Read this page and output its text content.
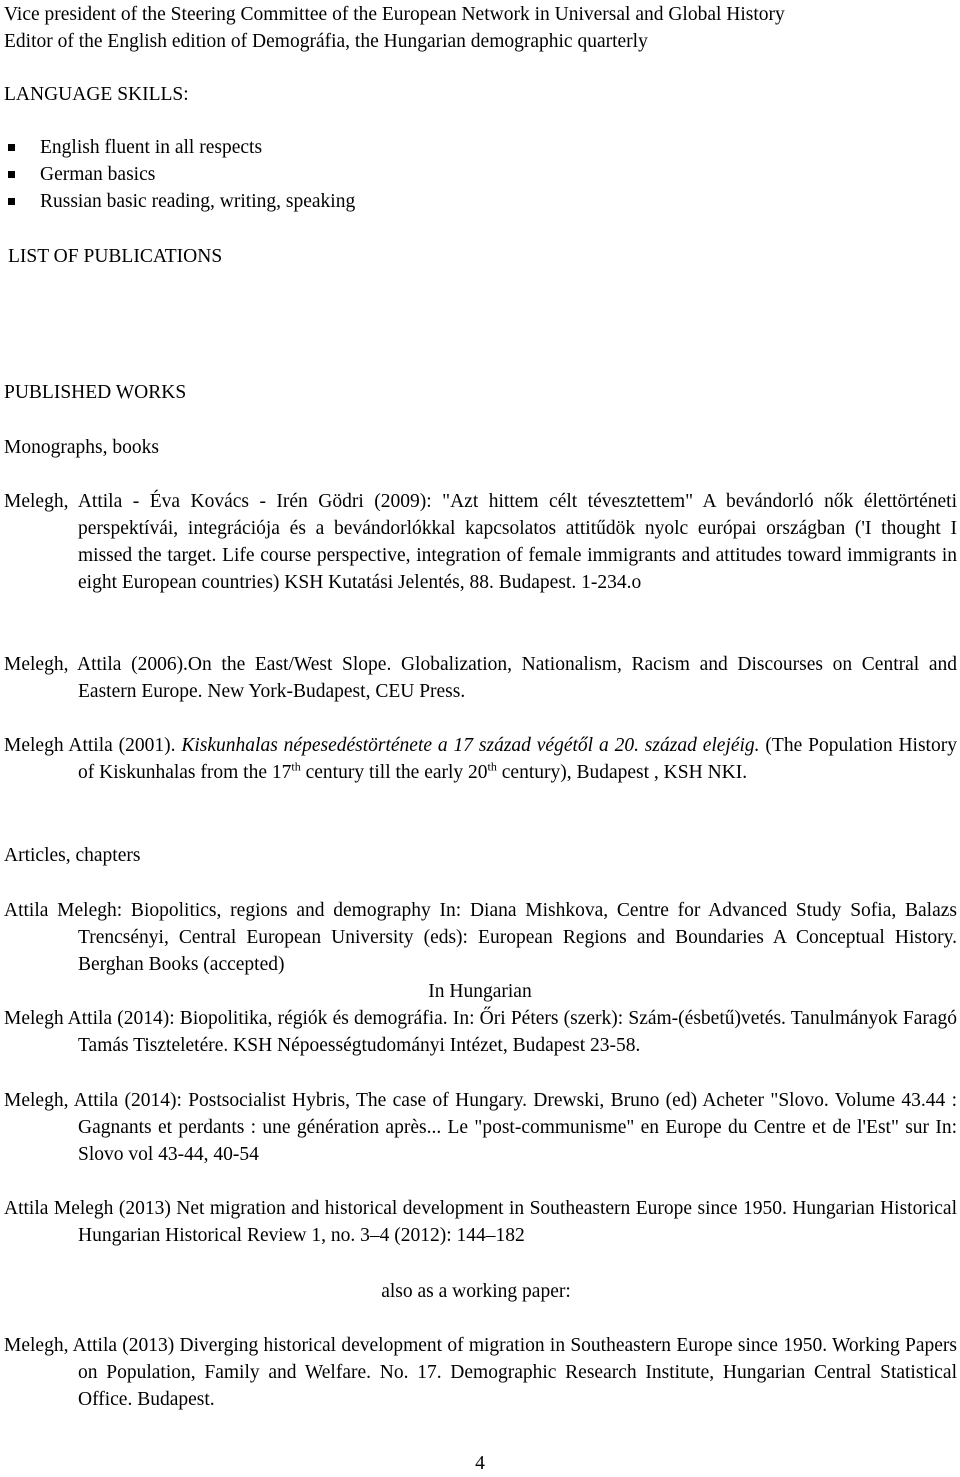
Vice president of the Steering Committee of the European Network in Universal and Global History
Editor of the English edition of Demográfia, the Hungarian demographic quarterly
LANGUAGE SKILLS:
English fluent in all respects
German basics
Russian basic reading, writing, speaking
LIST OF PUBLICATIONS
PUBLISHED WORKS
Monographs, books

Melegh, Attila - Éva Kovács - Irén Gödri (2009): "Azt hittem célt tévesztettem" A bevándorló nők élettörténeti perspektívái, integrációja és a bevándorlókkal kapcsolatos attitűdök nyolc európai országban ('I thought I missed the target. Life course perspective, integration of female immigrants and attitudes toward immigrants in eight European countries) KSH Kutatási Jelentés, 88. Budapest. 1-234.o

Melegh, Attila (2006).On the East/West Slope. Globalization, Nationalism, Racism and Discourses on Central and Eastern Europe. New York-Budapest, CEU Press.

Melegh Attila (2001). Kiskunhalas népesedéstörténete a 17 század végétől a 20. század elejéig. (The Population History of Kiskunhalas from the 17th century till the early 20th century), Budapest , KSH NKI.

Articles, chapters

Attila Melegh: Biopolitics, regions and demography In: Diana Mishkova, Centre for Advanced Study Sofia, Balazs Trencsényi, Central European University (eds): European Regions and Boundaries A Conceptual History. Berghan Books (accepted)

In Hungarian

Melegh Attila (2014): Biopolitika, régiók és demográfia. In: Őri Péters (szerk): Szám-(ésbetű)vetés. Tanulmányok Faragó Tamás Tiszteletére. KSH Népoességtudományi Intézet, Budapest 23-58.

Melegh, Attila (2014): Postsocialist Hybris, The case of Hungary. Drewski, Bruno (ed) Acheter "Slovo. Volume 43.44 : Gagnants et perdants : une génération après... Le "post-communisme" en Europe du Centre et de l'Est" sur In: Slovo vol 43-44, 40-54

Attila Melegh (2013) Net migration and historical development in Southeastern Europe since 1950. Hungarian Historical Hungarian Historical Review 1, no. 3–4 (2012): 144–182

also as a working paper:

Melegh, Attila (2013) Diverging historical development of migration in Southeastern Europe since 1950. Working Papers on Population, Family and Welfare. No. 17. Demographic Research Institute, Hungarian Central Statistical Office. Budapest.

4
